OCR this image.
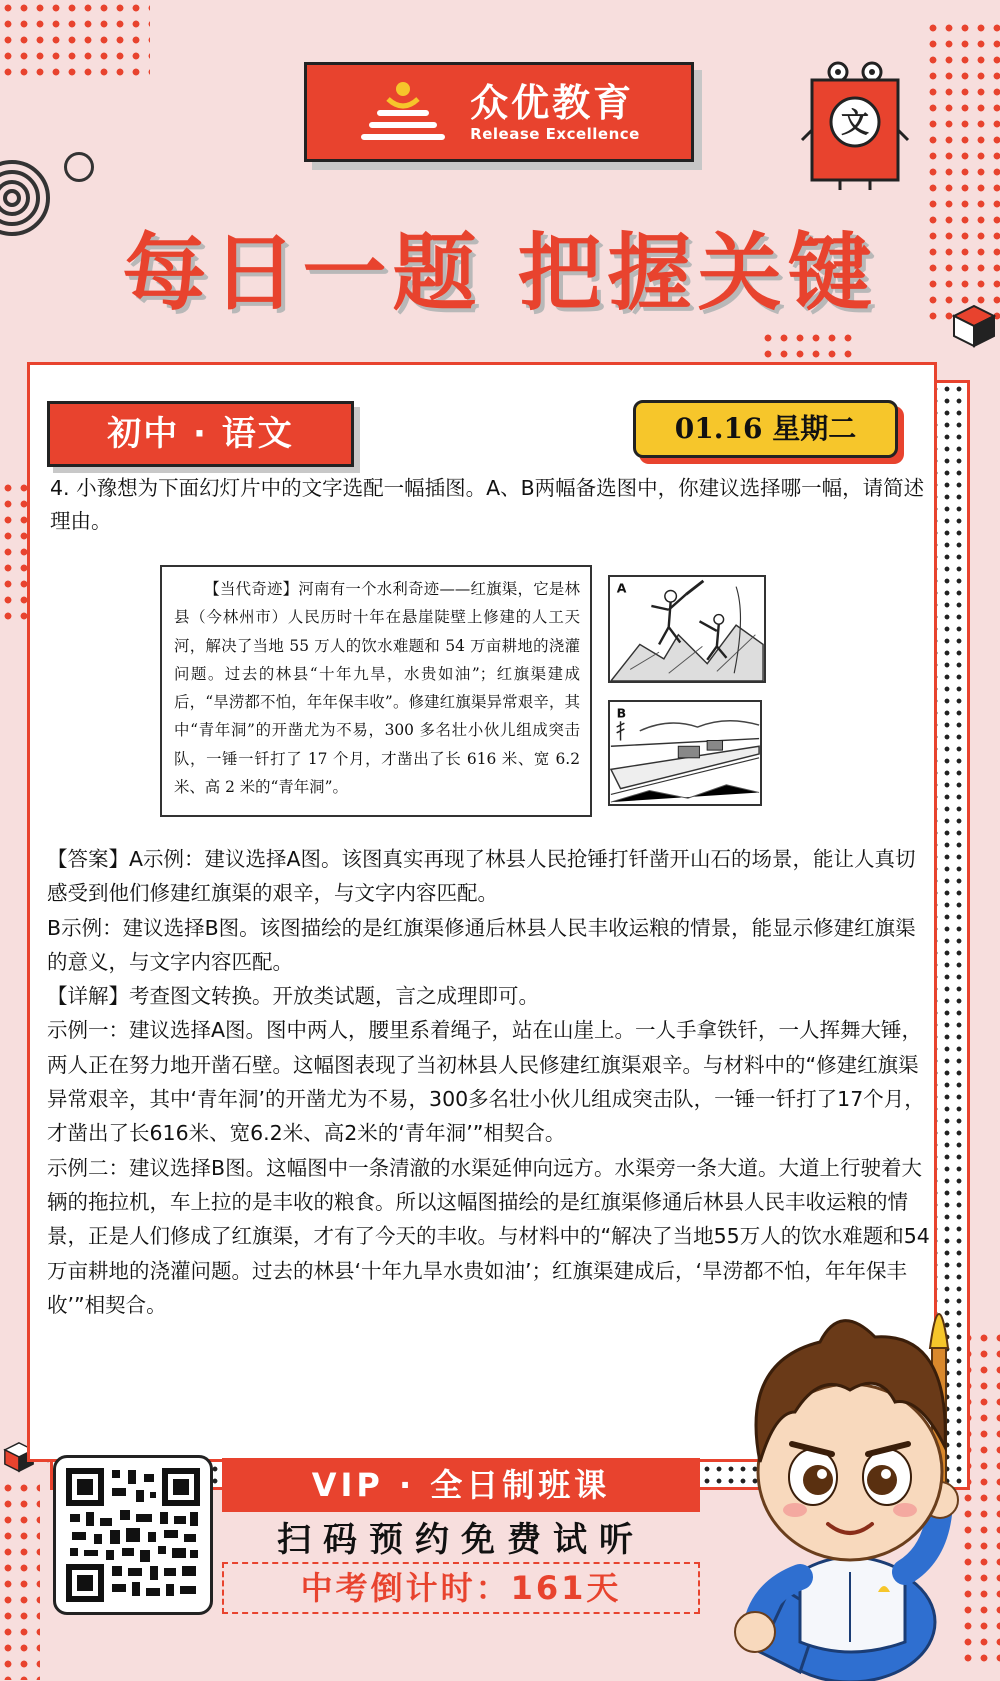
众优教育
Release Excellence	文
每日一题 把握关键
初中 · 语文	01.16 星期二
4. 小豫想为下面幻灯片中的文字选配一幅插图。A、B两幅备选图中，你建议选择哪一幅，请简述理由。
【当代奇迹】河南有一个水利奇迹——红旗渠，它是林县（今林州市）人民历时十年在悬崖陡壁上修建的人工天河，解决了当地 55 万人的饮水难题和 54 万亩耕地的浇灌问题。过去的林县“十年九旱，水贵如油”；红旗渠建成后，“旱涝都不怕，年年保丰收”。修建红旗渠异常艰辛，其中“青年洞”的开凿尤为不易，300 多名壮小伙儿组成突击队，一锤一钎打了 17 个月，才凿出了长 616 米、宽 6.2 米、高 2 米的“青年洞”。
A
B

【答案】A示例：建议选择A图。该图真实再现了林县人民抢锤打钎凿开山石的场景，能让人真切感受到他们修建红旗渠的艰辛，与文字内容匹配。

B示例：建议选择B图。该图描绘的是红旗渠修通后林县人民丰收运粮的情景，能显示修建红旗渠的意义，与文字内容匹配。

【详解】考查图文转换。开放类试题，言之成理即可。

示例一：建议选择A图。图中两人，腰里系着绳子，站在山崖上。一人手拿铁钎，一人挥舞大锤，两人正在努力地开凿石壁。这幅图表现了当初林县人民修建红旗渠艰辛。与材料中的“修建红旗渠异常艰辛，其中‘青年洞’的开凿尤为不易，300多名壮小伙儿组成突击队，一锤一钎打了17个月，才凿出了长616米、宽6.2米、高2米的‘青年洞’”相契合。

示例二：建议选择B图。这幅图中一条清澈的水渠延伸向远方。水渠旁一条大道。大道上行驶着大辆的拖拉机，车上拉的是丰收的粮食。所以这幅图描绘的是红旗渠修通后林县人民丰收运粮的情景，正是人们修成了红旗渠，才有了今天的丰收。与材料中的“解决了当地55万人的饮水难题和54万亩耕地的浇灌问题。过去的林县‘十年九旱水贵如油’；红旗渠建成后，‘旱涝都不怕，年年保丰收’”相契合。

VIP · 全日制班课
扫码预约免费试听
中考倒计时：161天
